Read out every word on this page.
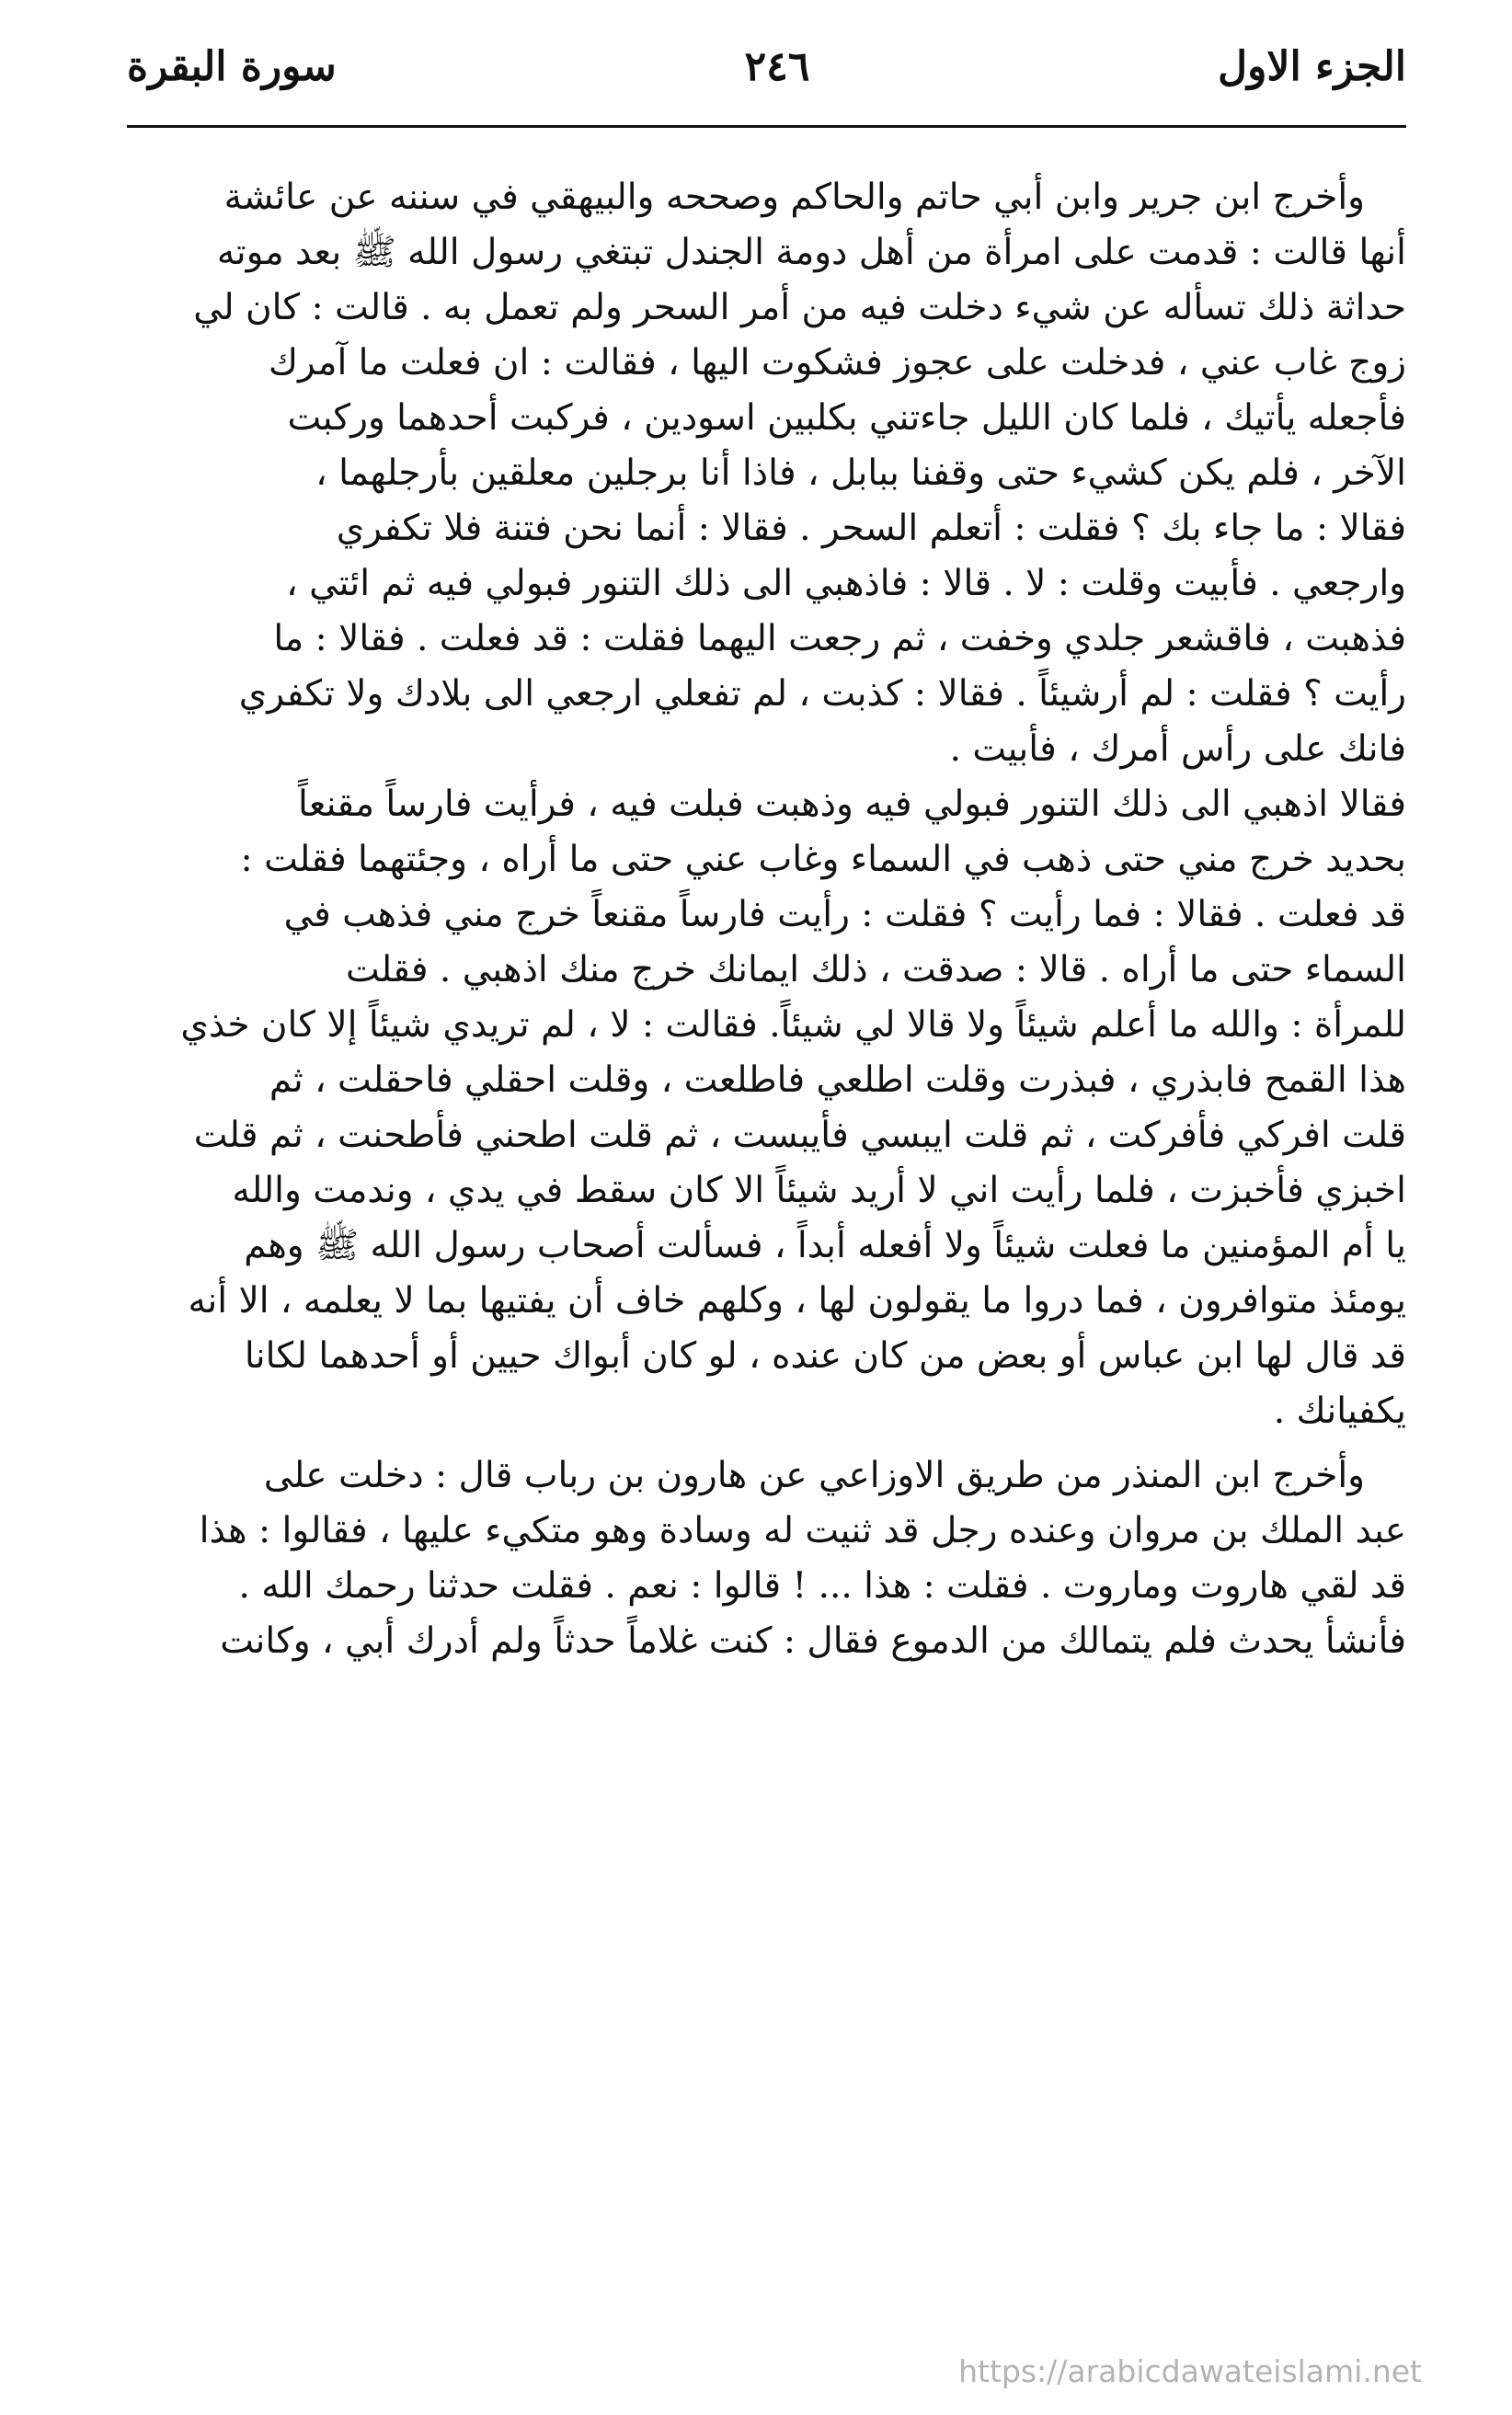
الجزء الاول
٢٤٦
سورة البقرة
وأخرج ابن جرير وابن أبي حاتم والحاكم وصححه والبيهقي في سننه عن عائشة
أنها قالت : قدمت على امرأة من أهل دومة الجندل تبتغي رسول الله ﷺ بعد موته
حداثة ذلك تسأله عن شيء دخلت فيه من أمر السحر ولم تعمل به . قالت : كان لي
زوج غاب عني ، فدخلت على عجوز فشكوت اليها ، فقالت : ان فعلت ما آمرك
فأجعله يأتيك ، فلما كان الليل جاءتني بكلبين اسودين ، فركبت أحدهما وركبت
الآخر ، فلم يكن كشيء حتى وقفنا ببابل ، فاذا أنا برجلين معلقين بأرجلهما ،
فقالا : ما جاء بك ؟ فقلت : أتعلم السحر . فقالا : أنما نحن فتنة فلا تكفري
وارجعي . فأبيت وقلت : لا . قالا : فاذهبي الى ذلك التنور فبولي فيه ثم ائتي ،
فذهبت ، فاقشعر جلدي وخفت ، ثم رجعت اليهما فقلت : قد فعلت . فقالا : ما
رأيت ؟ فقلت : لم أرشيئاً . فقالا : كذبت ، لم تفعلي ارجعي الى بلادك ولا تكفري
فانك على رأس أمرك ، فأبيت .
فقالا اذهبي الى ذلك التنور فبولي فيه وذهبت فبلت فيه ، فرأيت فارساً مقنعاً
بحديد خرج مني حتى ذهب في السماء وغاب عني حتى ما أراه ، وجئتهما فقلت :
قد فعلت . فقالا : فما رأيت ؟ فقلت : رأيت فارساً مقنعاً خرج مني فذهب في
السماء حتى ما أراه . قالا : صدقت ، ذلك ايمانك خرج منك اذهبي . فقلت
للمرأة : والله ما أعلم شيئاً ولا قالا لي شيئاً. فقالت : لا ، لم تريدي شيئاً إلا كان خذي
هذا القمح فابذري ، فبذرت وقلت اطلعي فاطلعت ، وقلت احقلي فاحقلت ، ثم
قلت افركي فأفركت ، ثم قلت ايبسي فأيبست ، ثم قلت اطحني فأطحنت ، ثم قلت
اخبزي فأخبزت ، فلما رأيت اني لا أريد شيئاً الا كان سقط في يدي ، وندمت والله
يا أم المؤمنين ما فعلت شيئاً ولا أفعله أبداً ، فسألت أصحاب رسول الله ﷺ وهم
يومئذ متوافرون ، فما دروا ما يقولون لها ، وكلهم خاف أن يفتيها بما لا يعلمه ، الا أنه
قد قال لها ابن عباس أو بعض من كان عنده ، لو كان أبواك حيين أو أحدهما لكانا
يكفيانك .
وأخرج ابن المنذر من طريق الاوزاعي عن هارون بن رباب قال : دخلت على
عبد الملك بن مروان وعنده رجل قد ثنيت له وسادة وهو متكيء عليها ، فقالوا : هذا
قد لقي هاروت وماروت . فقلت : هذا ... ! قالوا : نعم . فقلت حدثنا رحمك الله .
فأنشأ يحدث فلم يتمالك من الدموع فقال : كنت غلاماً حدثاً ولم أدرك أبي ، وكانت
https://arabicdawateislami.net
